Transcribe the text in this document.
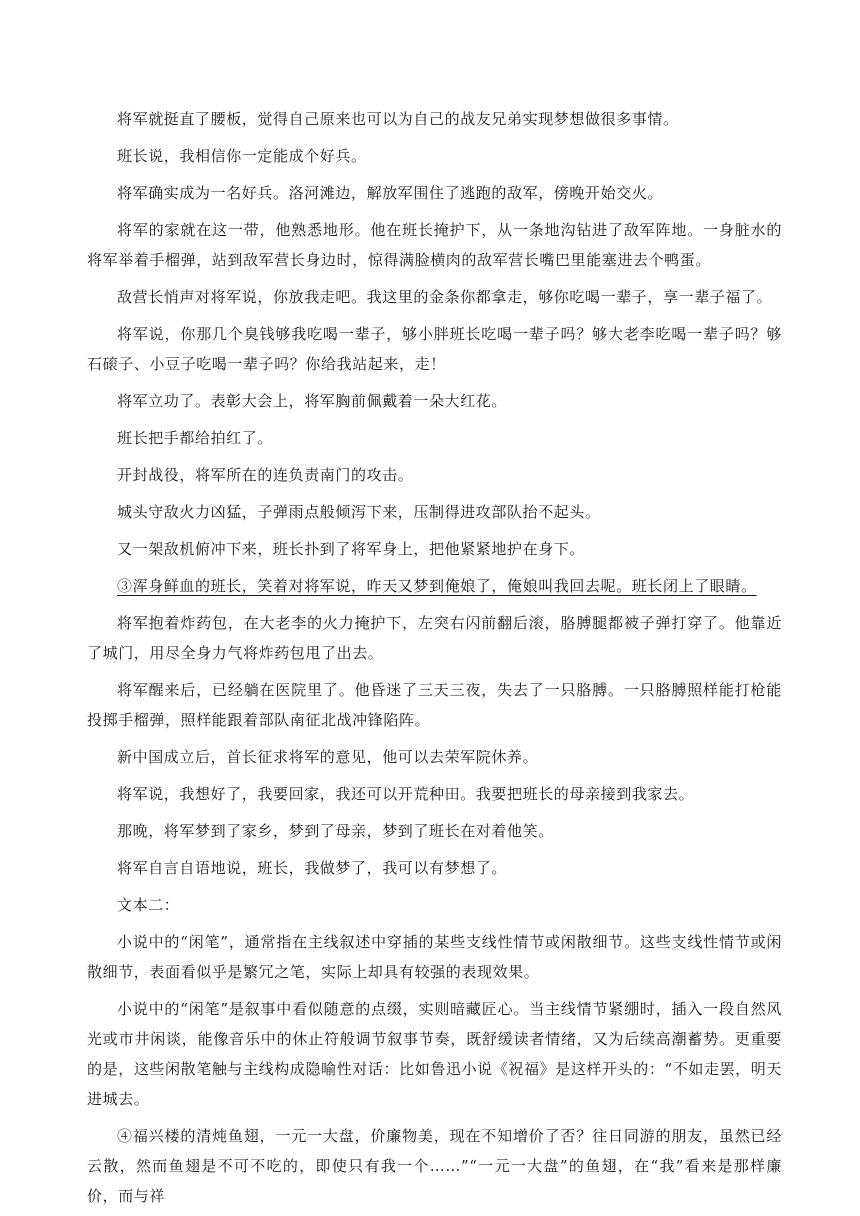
将军就挺直了腰板，觉得自己原来也可以为自己的战友兄弟实现梦想做很多事情。

班长说，我相信你一定能成个好兵。

将军确实成为一名好兵。洛河滩边，解放军围住了逃跑的敌军，傍晚开始交火。

将军的家就在这一带，他熟悉地形。他在班长掩护下，从一条地沟钻进了敌军阵地。一身脏水的将军举着手榴弹，站到敌军营长身边时，惊得满脸横肉的敌军营长嘴巴里能塞进去个鸭蛋。

敌营长悄声对将军说，你放我走吧。我这里的金条你都拿走，够你吃喝一辈子，享一辈子福了。

将军说，你那几个臭钱够我吃喝一辈子，够小胖班长吃喝一辈子吗？够大老李吃喝一辈子吗？够石磙子、小豆子吃喝一辈子吗？你给我站起来，走！

将军立功了。表彰大会上，将军胸前佩戴着一朵大红花。

班长把手都给拍红了。

开封战役，将军所在的连负责南门的攻击。

城头守敌火力凶猛，子弹雨点般倾泻下来，压制得进攻部队抬不起头。

又一架敌机俯冲下来，班长扑到了将军身上，把他紧紧地护在身下。

③浑身鲜血的班长，笑着对将军说，昨天又梦到俺娘了，俺娘叫我回去呢。班长闭上了眼睛。

将军抱着炸药包，在大老李的火力掩护下，左突右闪前翻后滚，胳膊腿都被子弹打穿了。他靠近了城门，用尽全身力气将炸药包甩了出去。

将军醒来后，已经躺在医院里了。他昏迷了三天三夜，失去了一只胳膊。一只胳膊照样能打枪能投掷手榴弹，照样能跟着部队南征北战冲锋陷阵。

新中国成立后，首长征求将军的意见，他可以去荣军院休养。

将军说，我想好了，我要回家，我还可以开荒种田。我要把班长的母亲接到我家去。

那晚，将军梦到了家乡，梦到了母亲，梦到了班长在对着他笑。

将军自言自语地说，班长，我做梦了，我可以有梦想了。

文本二：

小说中的“闲笔”，通常指在主线叙述中穿插的某些支线性情节或闲散细节。这些支线性情节或闲散细节，表面看似乎是繁冗之笔，实际上却具有较强的表现效果。

小说中的“闲笔”是叙事中看似随意的点缀，实则暗藏匠心。当主线情节紧绷时，插入一段自然风光或市井闲谈，能像音乐中的休止符般调节叙事节奏，既舒缓读者情绪，又为后续高潮蓄势。更重要的是，这些闲散笔触与主线构成隐喻性对话：比如鲁迅小说《祝福》是这样开头的：“不如走罢，明天进城去。

④福兴楼的清炖鱼翅，一元一大盘，价廉物美，现在不知增价了否？往日同游的朋友，虽然已经云散，然而鱼翅是不可不吃的，即使只有我一个……”“一元一大盘”的鱼翅，在“我”看来是那样廉价，而与祥
